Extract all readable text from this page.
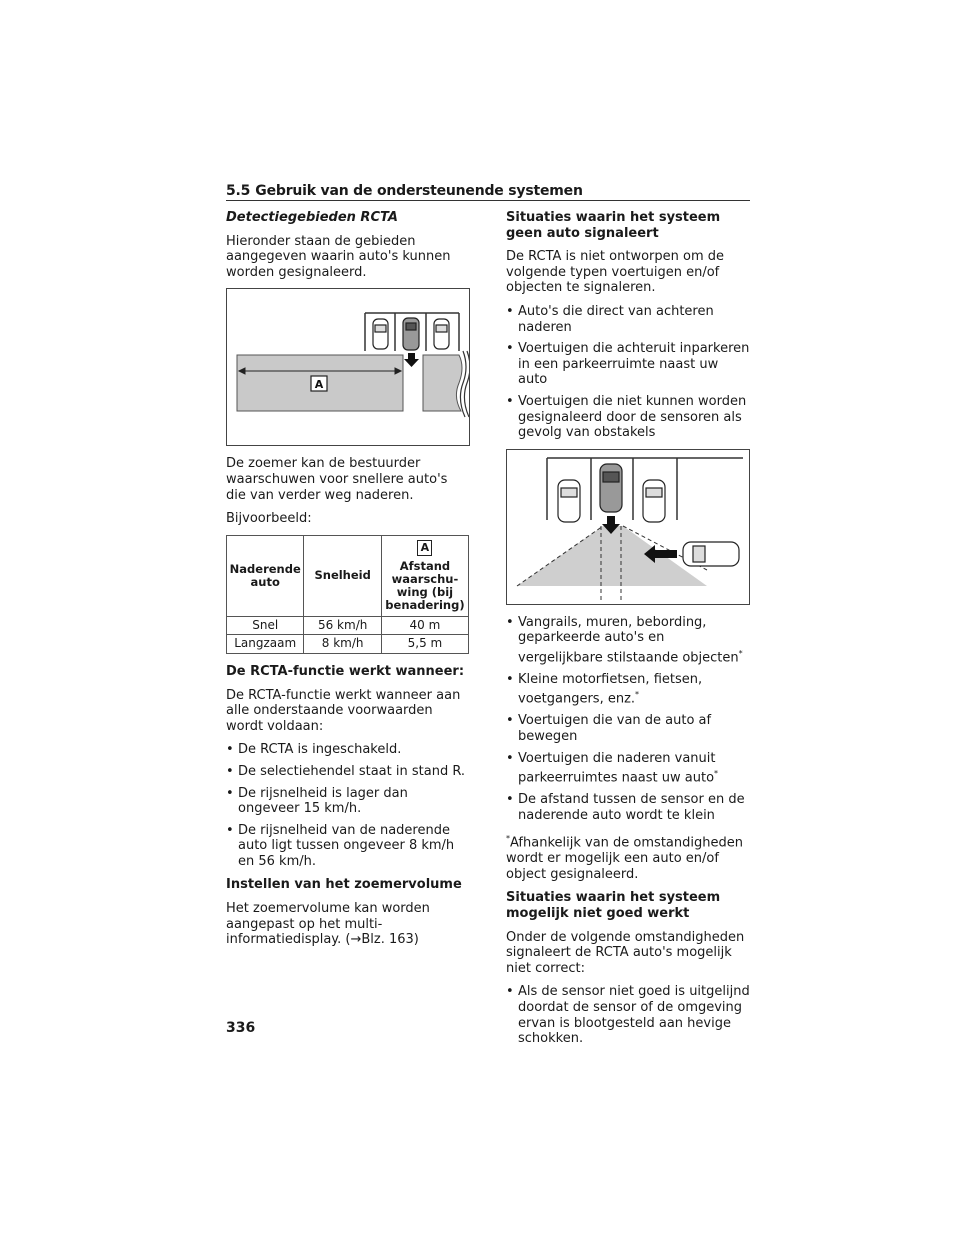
5.5 Gebruik van de ondersteunende systemen

Detectiegebieden RCTA

Hieronder staan de gebieden aangegeven waarin auto's kunnen worden gesignaleerd.

A

De zoemer kan de bestuurder waarschuwen voor snellere auto's die van verder weg naderen.

Bijvoorbeeld:

Naderende auto	Snelheid	A
Afstand waarschu-wing (bij benadering)

Snel	56 km/h	40 m
Langzaam	8 km/h	5,5 m

De RCTA-functie werkt wanneer:

De RCTA-functie werkt wanneer aan alle onderstaande voorwaarden wordt voldaan:

• De RCTA is ingeschakeld.
• De selectiehendel staat in stand R.
• De rijsnelheid is lager dan ongeveer 15 km/h.
• De rijsnelheid van de naderende auto ligt tussen ongeveer 8 km/h en 56 km/h.

Instellen van het zoemervolume

Het zoemervolume kan worden aangepast op het multi-informatiedisplay. (→Blz. 163)

Situaties waarin het systeem geen auto signaleert

De RCTA is niet ontworpen om de volgende typen voertuigen en/of objecten te signaleren.

• Auto's die direct van achteren naderen
• Voertuigen die achteruit inparkeren in een parkeerruimte naast uw auto
• Voertuigen die niet kunnen worden gesignaleerd door de sensoren als gevolg van obstakels
• Vangrails, muren, bebording, geparkeerde auto's en vergelijkbare stilstaande objecten*
• Kleine motorfietsen, fietsen, voetgangers, enz.*
• Voertuigen die van de auto af bewegen
• Voertuigen die naderen vanuit parkeerruimtes naast uw auto*
• De afstand tussen de sensor en de naderende auto wordt te klein

*Afhankelijk van de omstandigheden wordt er mogelijk een auto en/of object gesignaleerd.

Situaties waarin het systeem mogelijk niet goed werkt

Onder de volgende omstandigheden signaleert de RCTA auto's mogelijk niet correct:

• Als de sensor niet goed is uitgelijnd doordat de sensor of de omgeving ervan is blootgesteld aan hevige schokken.
336
